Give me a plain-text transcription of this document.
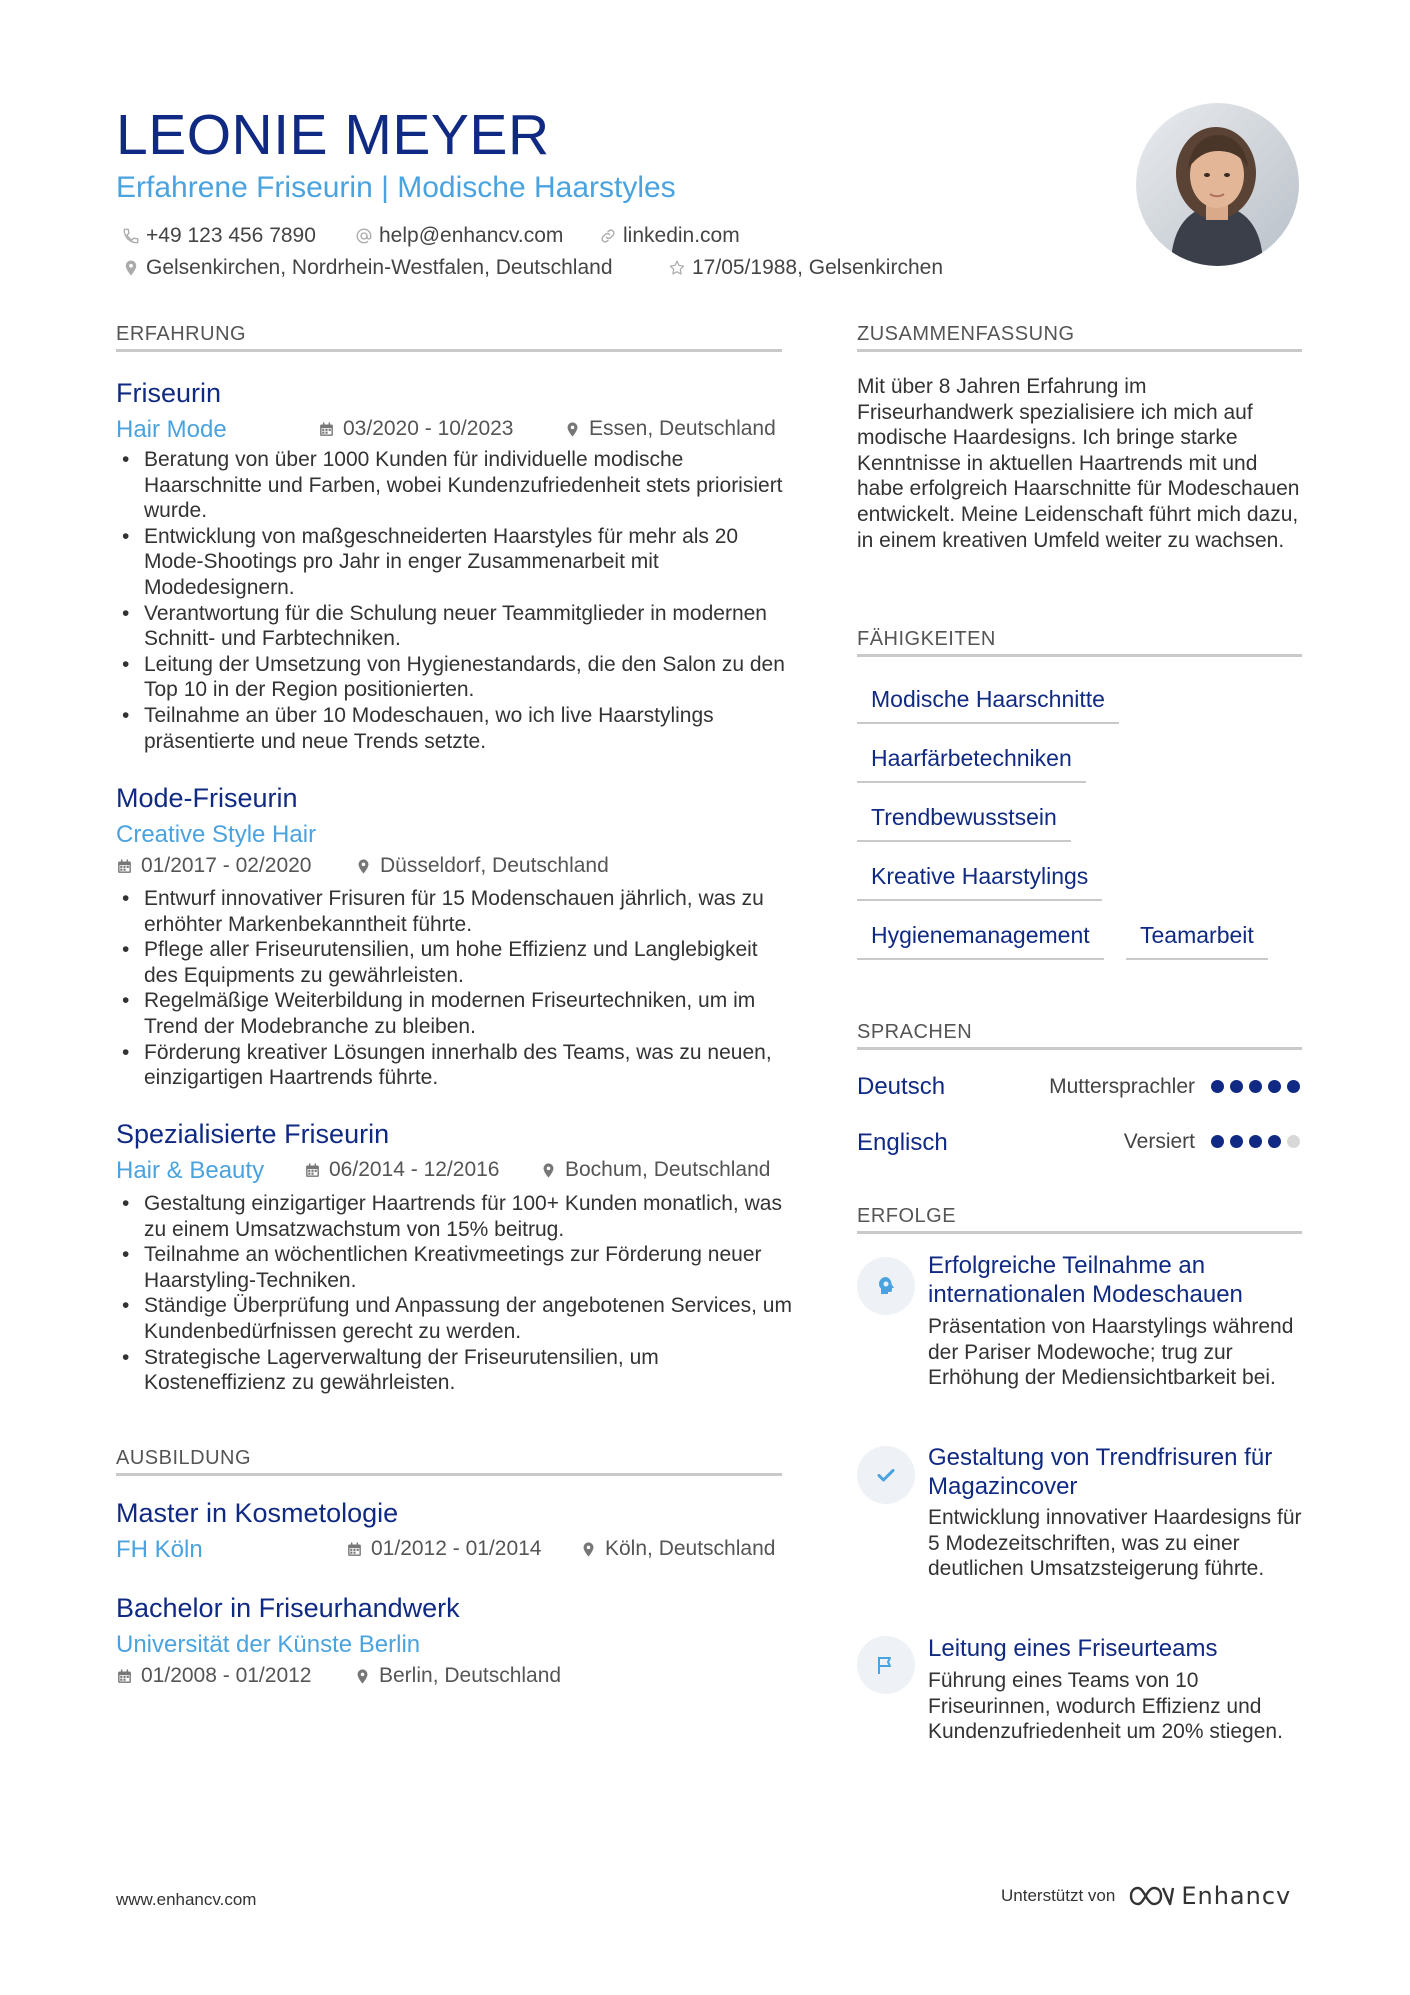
LEONIE MEYER
Erfahrene Friseurin | Modische Haarstyles
+49 123 456 7890	help@enhancv.com	linkedin.com
Gelsenkirchen, Nordrhein-Westfalen, Deutschland	17/05/1988, Gelsenkirchen
ERFAHRUNG
Friseurin
Hair Mode	03/2020 - 10/2023	Essen, Deutschland
• Beratung von über 1000 Kunden für individuelle modische Haarschnitte und Farben, wobei Kundenzufriedenheit stets priorisiert wurde.
• Entwicklung von maßgeschneiderten Haarstyles für mehr als 20 Mode-Shootings pro Jahr in enger Zusammenarbeit mit Modedesignern.
• Verantwortung für die Schulung neuer Teammitglieder in modernen Schnitt- und Farbtechniken.
• Leitung der Umsetzung von Hygienestandards, die den Salon zu den Top 10 in der Region positionierten.
• Teilnahme an über 10 Modeschauen, wo ich live Haarstylings präsentierte und neue Trends setzte.
Mode-Friseurin
Creative Style Hair
01/2017 - 02/2020	Düsseldorf, Deutschland
• Entwurf innovativer Frisuren für 15 Modenschauen jährlich, was zu erhöhter Markenbekanntheit führte.
• Pflege aller Friseurutensilien, um hohe Effizienz und Langlebigkeit des Equipments zu gewährleisten.
• Regelmäßige Weiterbildung in modernen Friseurtechniken, um im Trend der Modebranche zu bleiben.
• Förderung kreativer Lösungen innerhalb des Teams, was zu neuen, einzigartigen Haartrends führte.
Spezialisierte Friseurin
Hair & Beauty	06/2014 - 12/2016	Bochum, Deutschland
• Gestaltung einzigartiger Haartrends für 100+ Kunden monatlich, was zu einem Umsatzwachstum von 15% beitrug.
• Teilnahme an wöchentlichen Kreativmeetings zur Förderung neuer Haarstyling-Techniken.
• Ständige Überprüfung und Anpassung der angebotenen Services, um Kundenbedürfnissen gerecht zu werden.
• Strategische Lagerverwaltung der Friseurutensilien, um Kosteneffizienz zu gewährleisten.
AUSBILDUNG
Master in Kosmetologie
FH Köln	01/2012 - 01/2014	Köln, Deutschland
Bachelor in Friseurhandwerk
Universität der Künste Berlin
01/2008 - 01/2012	Berlin, Deutschland
ZUSAMMENFASSUNG

Mit über 8 Jahren Erfahrung im Friseurhandwerk spezialisiere ich mich auf modische Haardesigns. Ich bringe starke Kenntnisse in aktuellen Haartrends mit und habe erfolgreich Haarschnitte für Modeschauen entwickelt. Meine Leidenschaft führt mich dazu, in einem kreativen Umfeld weiter zu wachsen.

FÄHIGKEITEN
Modische Haarschnitte
Haarfärbetechniken
Trendbewusstsein
Kreative Haarstylings
Hygienemanagement	Teamarbeit
SPRACHEN
Deutsch	Muttersprachler
Englisch	Versiert
ERFOLGE
Erfolgreiche Teilnahme an internationalen Modeschauen
Präsentation von Haarstylings während der Pariser Modewoche; trug zur Erhöhung der Mediensichtbarkeit bei.
Gestaltung von Trendfrisuren für Magazincover
Entwicklung innovativer Haardesigns für 5 Modezeitschriften, was zu einer deutlichen Umsatzsteigerung führte.
Leitung eines Friseurteams
Führung eines Teams von 10 Friseurinnen, wodurch Effizienz und Kundenzufriedenheit um 20% stiegen.
www.enhancv.com	Unterstützt von	Enhancv
